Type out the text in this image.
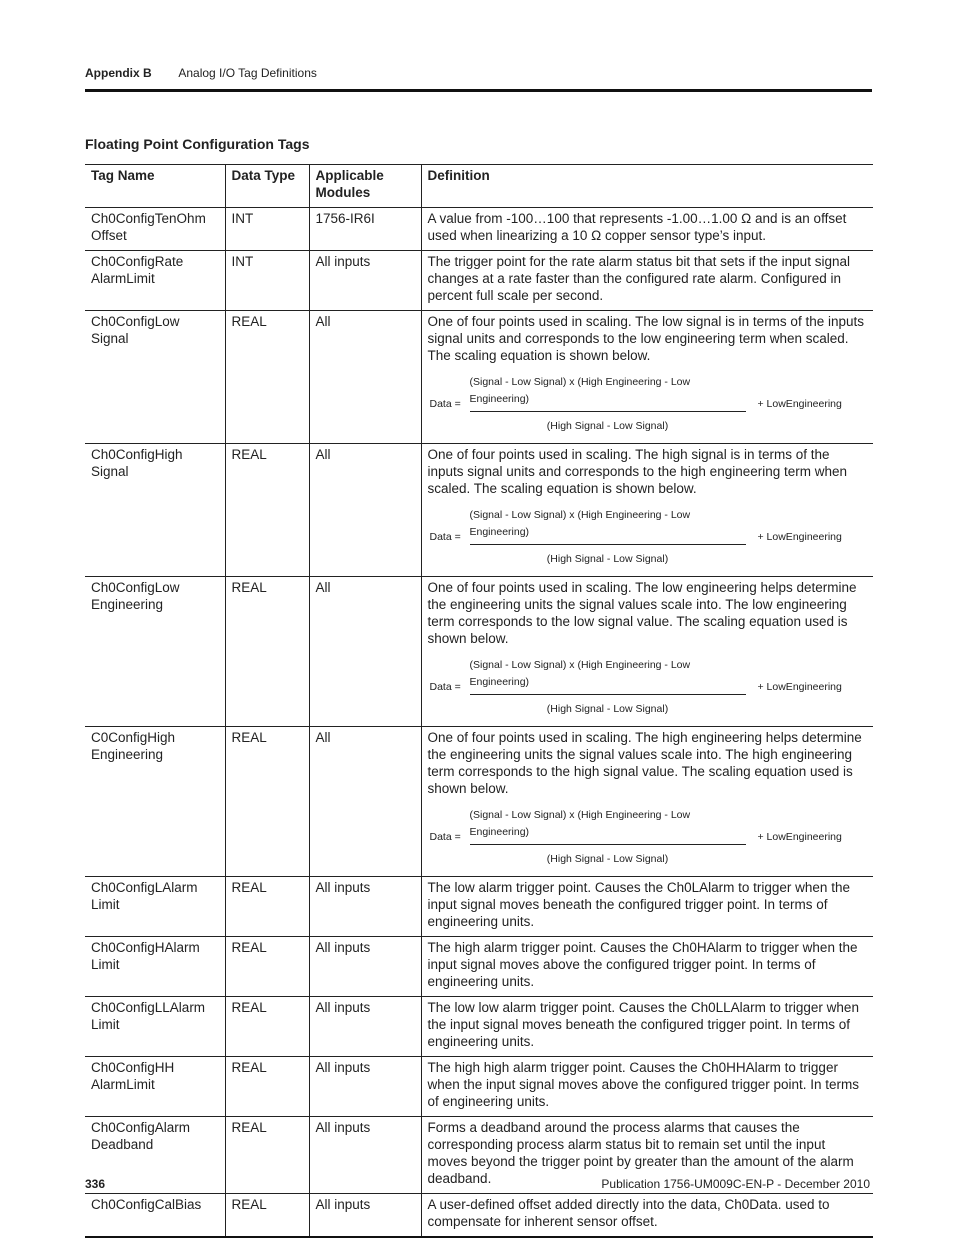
Appendix B Analog I/O Tag Definitions
Floating Point Configuration Tags
Tag Name	Data Type	Applicable Modules	Definition
Ch0ConfigTenOhm Offset	INT	1756-IR6I	A value from -100…100 that represents -1.00…1.00 Ω and is an offset used when linearizing a 10 Ω copper sensor type’s input.
Ch0ConfigRate AlarmLimit	INT	All inputs	The trigger point for the rate alarm status bit that sets if the input signal changes at a rate faster than the configured rate alarm. Configured in percent full scale per second.
Ch0ConfigLow Signal	REAL	All	One of four points used in scaling. The low signal is in terms of the inputs signal units and corresponds to the low engineering term when scaled. The scaling equation is shown below.
Data = $\frac{\text{(Signal - Low Signal) x (High Engineering - Low Engineering)}}{\text{(High Signal - Low Signal)}}$ + LowEngineering

Ch0ConfigHigh Signal	REAL	All	One of four points used in scaling. The high signal is in terms of the inputs signal units and corresponds to the high engineering term when scaled. The scaling equation is shown below.
Data = $\frac{\text{(Signal - Low Signal) x (High Engineering - Low Engineering)}}{\text{(High Signal - Low Signal)}}$ + LowEngineering

Ch0ConfigLow Engineering	REAL	All	One of four points used in scaling. The low engineering helps determine the engineering units the signal values scale into. The low engineering term corresponds to the low signal value. The scaling equation used is shown below.
Data = $\frac{\text{(Signal - Low Signal) x (High Engineering - Low Engineering)}}{\text{(High Signal - Low Signal)}}$ + LowEngineering

C0ConfigHigh Engineering	REAL	All	One of four points used in scaling. The high engineering helps determine the engineering units the signal values scale into. The high engineering term corresponds to the high signal value. The scaling equation used is shown below.
Data = $\frac{\text{(Signal - Low Signal) x (High Engineering - Low Engineering)}}{\text{(High Signal - Low Signal)}}$ + LowEngineering

Ch0ConfigLAlarm Limit	REAL	All inputs	The low alarm trigger point. Causes the Ch0LAlarm to trigger when the input signal moves beneath the configured trigger point. In terms of engineering units.
Ch0ConfigHAlarm Limit	REAL	All inputs	The high alarm trigger point. Causes the Ch0HAlarm to trigger when the input signal moves above the configured trigger point. In terms of engineering units.
Ch0ConfigLLAlarm Limit	REAL	All inputs	The low low alarm trigger point. Causes the Ch0LLAlarm to trigger when the input signal moves beneath the configured trigger point. In terms of engineering units.
Ch0ConfigHH AlarmLimit	REAL	All inputs	The high high alarm trigger point. Causes the Ch0HHAlarm to trigger when the input signal moves above the configured trigger point. In terms of engineering units.
Ch0ConfigAlarm Deadband	REAL	All inputs	Forms a deadband around the process alarms that causes the corresponding process alarm status bit to remain set until the input moves beyond the trigger point by greater than the amount of the alarm deadband.
Ch0ConfigCalBias	REAL	All inputs	A user-defined offset added directly into the data, Ch0Data. used to compensate for inherent sensor offset.
336	Publication 1756-UM009C-EN-P - December 2010
